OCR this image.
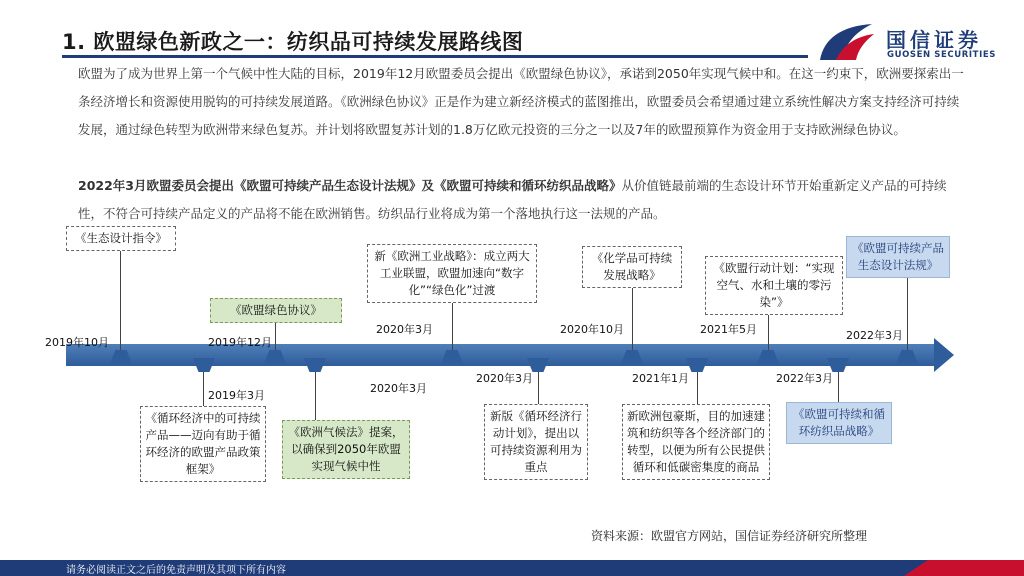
1. 欧盟绿色新政之一：纺织品可持续发展路线图	国信证券
GUOSEN SECURITIES
欧盟为了成为世界上第一个气候中性大陆的目标，2019年12月欧盟委员会提出《欧盟绿色协议》，承诺到2050年实现气候中和。在这一约束下，欧洲要探索出一条经济增长和资源使用脱钩的可持续发展道路。《欧洲绿色协议》正是作为建立新经济模式的蓝图推出，欧盟委员会希望通过建立系统性解决方案支持经济可持续发展，通过绿色转型为欧洲带来绿色复苏。并计划将欧盟复苏计划的1.8万亿欧元投资的三分之一以及7年的欧盟预算作为资金用于支持欧洲绿色协议。
2022年3月欧盟委员会提出《欧盟可持续产品生态设计法规》及《欧盟可持续和循环纺织品战略》从价值链最前端的生态设计环节开始重新定义产品的可持续性，不符合可持续产品定义的产品将不能在欧洲销售。纺织品行业将成为第一个落地执行这一法规的产品。
2019年10月
2019年3月
2019年12月
2020年3月
2020年3月
2020年3月
2020年10月
2021年1月
2021年5月
2022年3月
2022年3月
《生态设计指令》
《循环经济中的可持续产品——迈向有助于循环经济的欧盟产品政策框架》
《欧盟绿色协议》
《欧洲气候法》提案，以确保到2050年欧盟实现气候中性
新《欧洲工业战略》：成立两大工业联盟，欧盟加速向“数字化”“绿色化”过渡
新版《循环经济行动计划》，提出以可持续资源利用为重点
《化学品可持续发展战略》
新欧洲包豪斯，目的加速建筑和纺织等各个经济部门的转型，以便为所有公民提供循环和低碳密集度的商品
《欧盟行动计划：“实现空气、水和土壤的零污染”》
《欧盟可持续和循环纺织品战略》
《欧盟可持续产品生态设计法规》
资料来源：欧盟官方网站，国信证券经济研究所整理
请务必阅读正文之后的免责声明及其项下所有内容
